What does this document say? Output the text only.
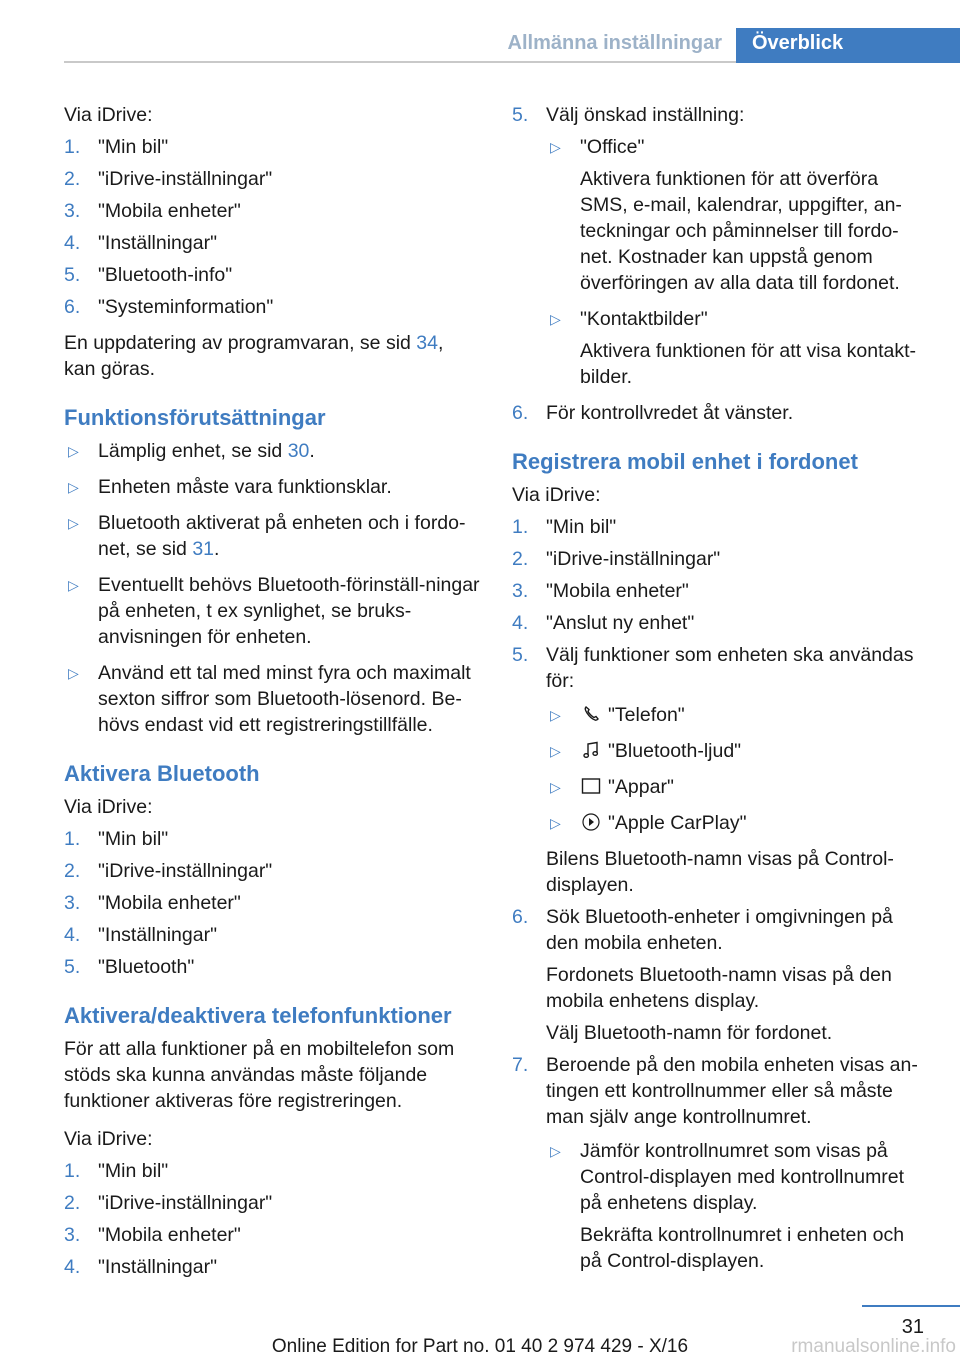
Allmänna inställningar	Överblick

Via iDrive:

1. "Min bil"
2. "iDrive-inställningar"
3. "Mobila enheter"
4. "Inställningar"
5. "Bluetooth-info"
6. "Systeminformation"

En uppdatering av programvaran, se sid 34, kan göras.

Funktionsförutsättningar
▷ Lämplig enhet, se sid 30.
▷ Enheten måste vara funktionsklar.
▷ Bluetooth aktiverat på enheten och i fordo‐net, se sid 31.
▷ Eventuellt behövs Bluetooth-förinställ‐ningar på enheten, t ex synlighet, se bruks‐anvisningen för enheten.
▷ Använd ett tal med minst fyra och maximalt sexton siffror som Bluetooth-lösenord. Be‐hövs endast vid ett registreringstillfälle.
Aktivera Bluetooth

Via iDrive:

1. "Min bil"
2. "iDrive-inställningar"
3. "Mobila enheter"
4. "Inställningar"
5. "Bluetooth"
Aktivera/deaktivera telefonfunktioner

För att alla funktioner på en mobiltelefon som stöds ska kunna användas måste följande funktioner aktiveras före registreringen.

Via iDrive:

1. "Min bil"
2. "iDrive-inställningar"
3. "Mobila enheter"
4. "Inställningar"
5. Välj önskad inställning:
▷ "Office"

Aktivera funktionen för att överföra SMS, e-mail, kalendrar, uppgifter, an‐teckningar och påminnelser till fordo‐net. Kostnader kan uppstå genom överföringen av alla data till fordonet.

▷ "Kontaktbilder"

Aktivera funktionen för att visa kontakt‐bilder.

6. För kontrollvredet åt vänster.
Registrera mobil enhet i fordonet

Via iDrive:

1. "Min bil"
2. "iDrive-inställningar"
3. "Mobila enheter"
4. "Anslut ny enhet"
5. Välj funktioner som enheten ska användas för:
▷ "Telefon"
▷ "Bluetooth-ljud"
▷ "Appar"
▷ "Apple CarPlay"

Bilens Bluetooth-namn visas på Control-displayen.

6. Sök Bluetooth-enheter i omgivningen på den mobila enheten.

Fordonets Bluetooth-namn visas på den mobila enhetens display.

Välj Bluetooth-namn för fordonet.

7. Beroende på den mobila enheten visas an‐tingen ett kontrollnummer eller så måste man själv ange kontrollnumret.
▷ Jämför kontrollnumret som visas på Control-displayen med kontrollnumret på enhetens display.

Bekräfta kontrollnumret i enheten och på Control-displayen.

31
Online Edition for Part no. 01 40 2 974 429 - X/16	rmanualsonline.info
